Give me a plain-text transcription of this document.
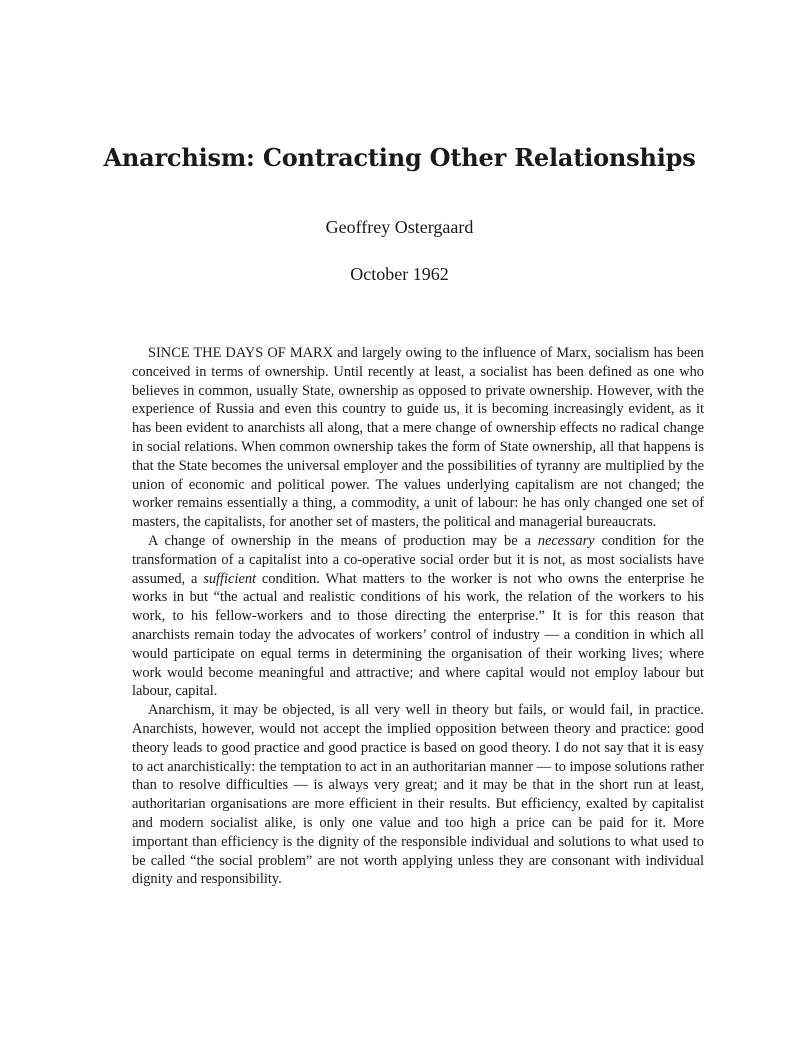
Anarchism: Contracting Other Relationships
Geoffrey Ostergaard
October 1962

SINCE THE DAYS OF MARX and largely owing to the influence of Marx, socialism has been conceived in terms of ownership. Until recently at least, a socialist has been defined as one who believes in common, usually State, ownership as opposed to private ownership. However, with the experience of Russia and even this country to guide us, it is becoming increasingly evident, as it has been evident to anarchists all along, that a mere change of ownership effects no radical change in social relations. When common ownership takes the form of State ownership, all that happens is that the State becomes the universal employer and the possibilities of tyranny are multiplied by the union of economic and political power. The values underlying capitalism are not changed; the worker remains essentially a thing, a commodity, a unit of labour: he has only changed one set of masters, the capitalists, for another set of masters, the political and managerial bureaucrats.

A change of ownership in the means of production may be a necessary condition for the transformation of a capitalist into a co-operative social order but it is not, as most socialists have assumed, a sufficient condition. What matters to the worker is not who owns the enterprise he works in but “the actual and realistic conditions of his work, the relation of the workers to his work, to his fellow-workers and to those directing the enterprise.” It is for this reason that anarchists remain today the advocates of workers’ control of industry — a condition in which all would participate on equal terms in determining the organisation of their working lives; where work would become meaningful and attractive; and where capital would not employ labour but labour, capital.

Anarchism, it may be objected, is all very well in theory but fails, or would fail, in practice. Anarchists, however, would not accept the implied opposition between theory and practice: good theory leads to good practice and good practice is based on good theory. I do not say that it is easy to act anarchistically: the temptation to act in an authoritarian manner — to impose solutions rather than to resolve difficulties — is always very great; and it may be that in the short run at least, authoritarian organisations are more efficient in their results. But efficiency, exalted by capitalist and modern socialist alike, is only one value and too high a price can be paid for it. More important than efficiency is the dignity of the responsible individual and solutions to what used to be called “the social problem” are not worth applying unless they are consonant with individual dignity and responsibility.
